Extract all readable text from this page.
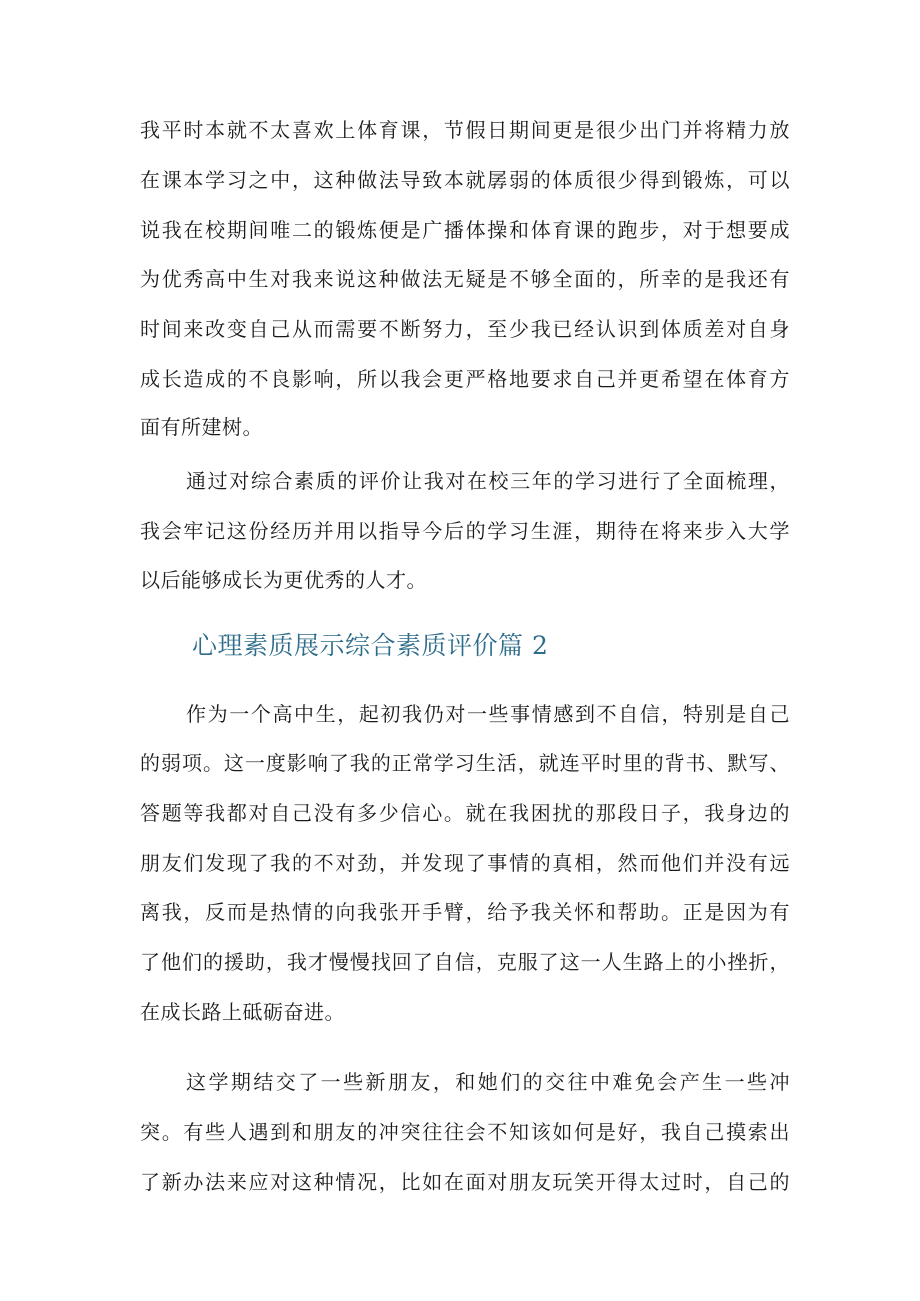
我平时本就不太喜欢上体育课，节假日期间更是很少出门并将精力放
在课本学习之中，这种做法导致本就孱弱的体质很少得到锻炼，可以
说我在校期间唯二的锻炼便是广播体操和体育课的跑步，对于想要成
为优秀高中生对我来说这种做法无疑是不够全面的，所幸的是我还有
时间来改变自己从而需要不断努力，至少我已经认识到体质差对自身
成长造成的不良影响，所以我会更严格地要求自己并更希望在体育方
面有所建树。
通过对综合素质的评价让我对在校三年的学习进行了全面梳理，
我会牢记这份经历并用以指导今后的学习生涯，期待在将来步入大学
以后能够成长为更优秀的人才。
心理素质展示综合素质评价篇 2
作为一个高中生，起初我仍对一些事情感到不自信，特别是自己
的弱项。这一度影响了我的正常学习生活，就连平时里的背书、默写、
答题等我都对自己没有多少信心。就在我困扰的那段日子，我身边的
朋友们发现了我的不对劲，并发现了事情的真相，然而他们并没有远
离我，反而是热情的向我张开手臂，给予我关怀和帮助。正是因为有
了他们的援助，我才慢慢找回了自信，克服了这一人生路上的小挫折，
在成长路上砥砺奋进。
这学期结交了一些新朋友，和她们的交往中难免会产生一些冲
突。有些人遇到和朋友的冲突往往会不知该如何是好，我自己摸索出
了新办法来应对这种情况，比如在面对朋友玩笑开得太过时，自己的
